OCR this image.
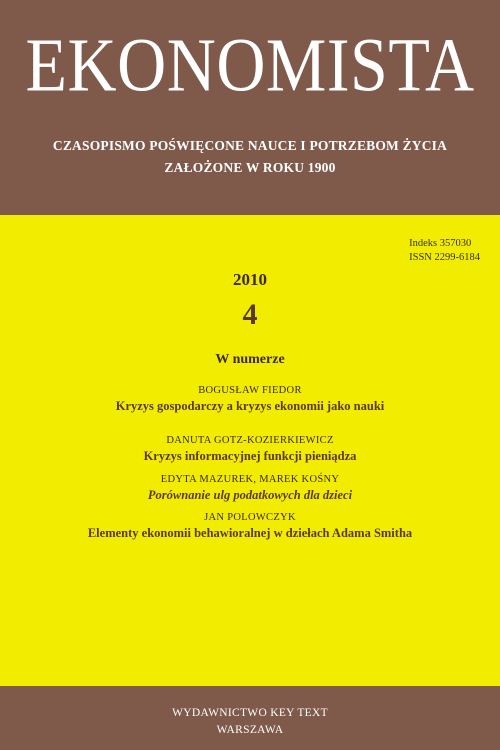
EKONOMISTA
CZASOPISMO POŚWIĘCONE NAUCE I POTRZEBOM ŻYCIA
ZAŁOŻONE W ROKU 1900
Indeks 357030
ISSN 2299-6184
2010
4
W numerze
BOGUSŁAW FIEDOR
Kryzys gospodarczy a kryzys ekonomii jako nauki
DANUTA GOTZ-KOZIERKIEWICZ
Kryzys informacyjnej funkcji pieniądza
EDYTA MAZUREK, MAREK KOŚNY
Porównanie ulg podatkowych dla dzieci
JAN POLOWCZYK
Elementy ekonomii behawioralnej w dziełach Adama Smitha
WYDAWNICTWO KEY TEXT
WARSZAWA
